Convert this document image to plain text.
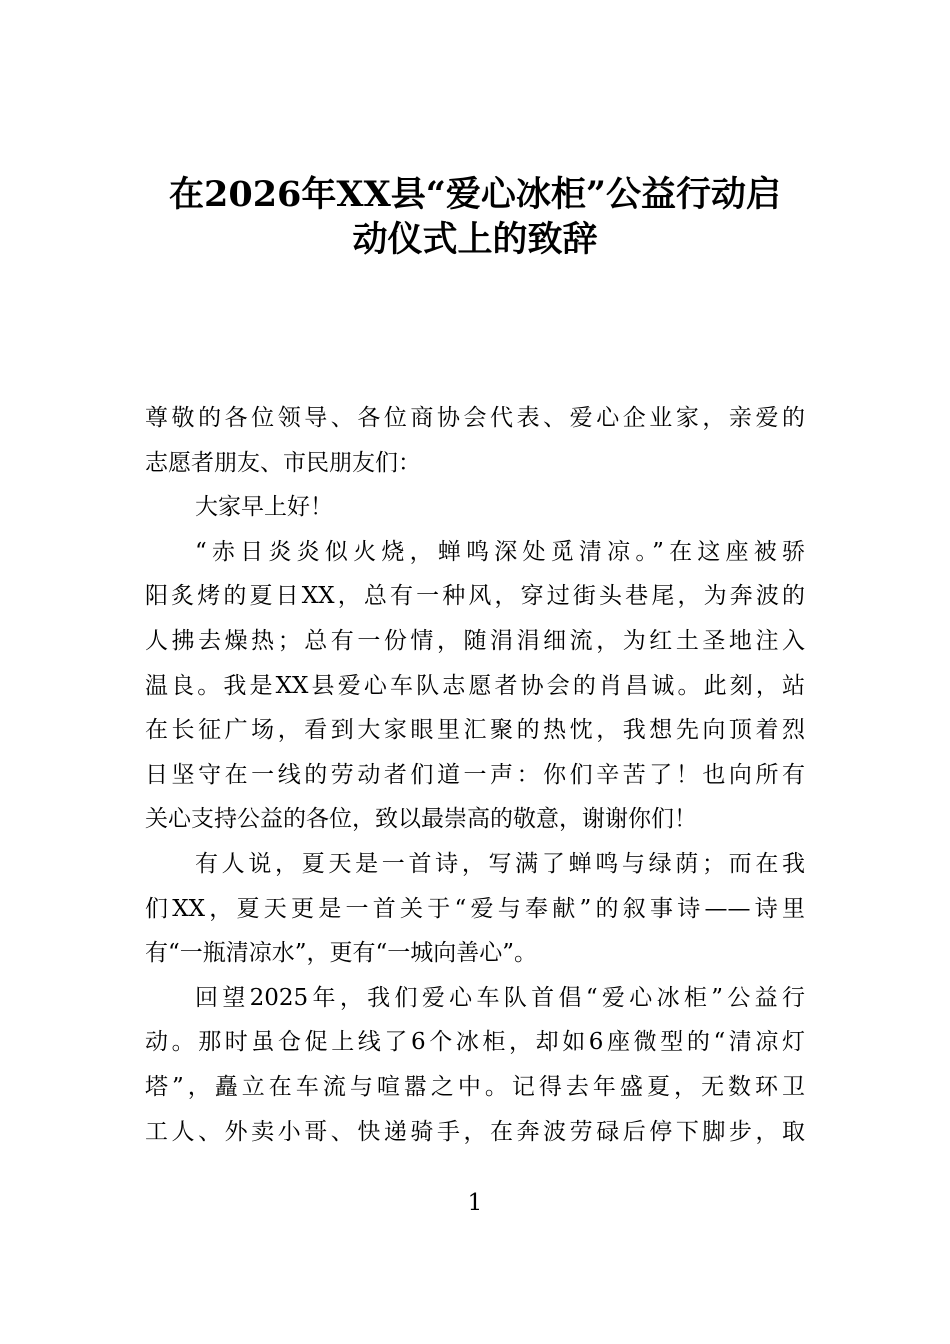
在2026年XX县“爱心冰柜”公益行动启
动仪式上的致辞
尊敬的各位领导、各位商协会代表、爱心企业家，亲爱的
志愿者朋友、市民朋友们：
大家早上好！
“赤日炎炎似火烧，蝉鸣深处觅清凉。”在这座被骄
阳炙烤的夏日XX，总有一种风，穿过街头巷尾，为奔波的
人拂去燥热；总有一份情，随涓涓细流，为红土圣地注入
温良。我是XX县爱心车队志愿者协会的肖昌诚。此刻，站
在长征广场，看到大家眼里汇聚的热忱，我想先向顶着烈
日坚守在一线的劳动者们道一声：你们辛苦了！也向所有
关心支持公益的各位，致以最崇高的敬意，谢谢你们！
有人说，夏天是一首诗，写满了蝉鸣与绿荫；而在我
们XX，夏天更是一首关于“爱与奉献”的叙事诗——诗里
有“一瓶清凉水”，更有“一城向善心”。
回望2025年，我们爱心车队首倡“爱心冰柜”公益行
动。那时虽仓促上线了6个冰柜，却如6座微型的“清凉灯
塔”，矗立在车流与喧嚣之中。记得去年盛夏，无数环卫
工人、外卖小哥、快递骑手，在奔波劳碌后停下脚步，取
1
